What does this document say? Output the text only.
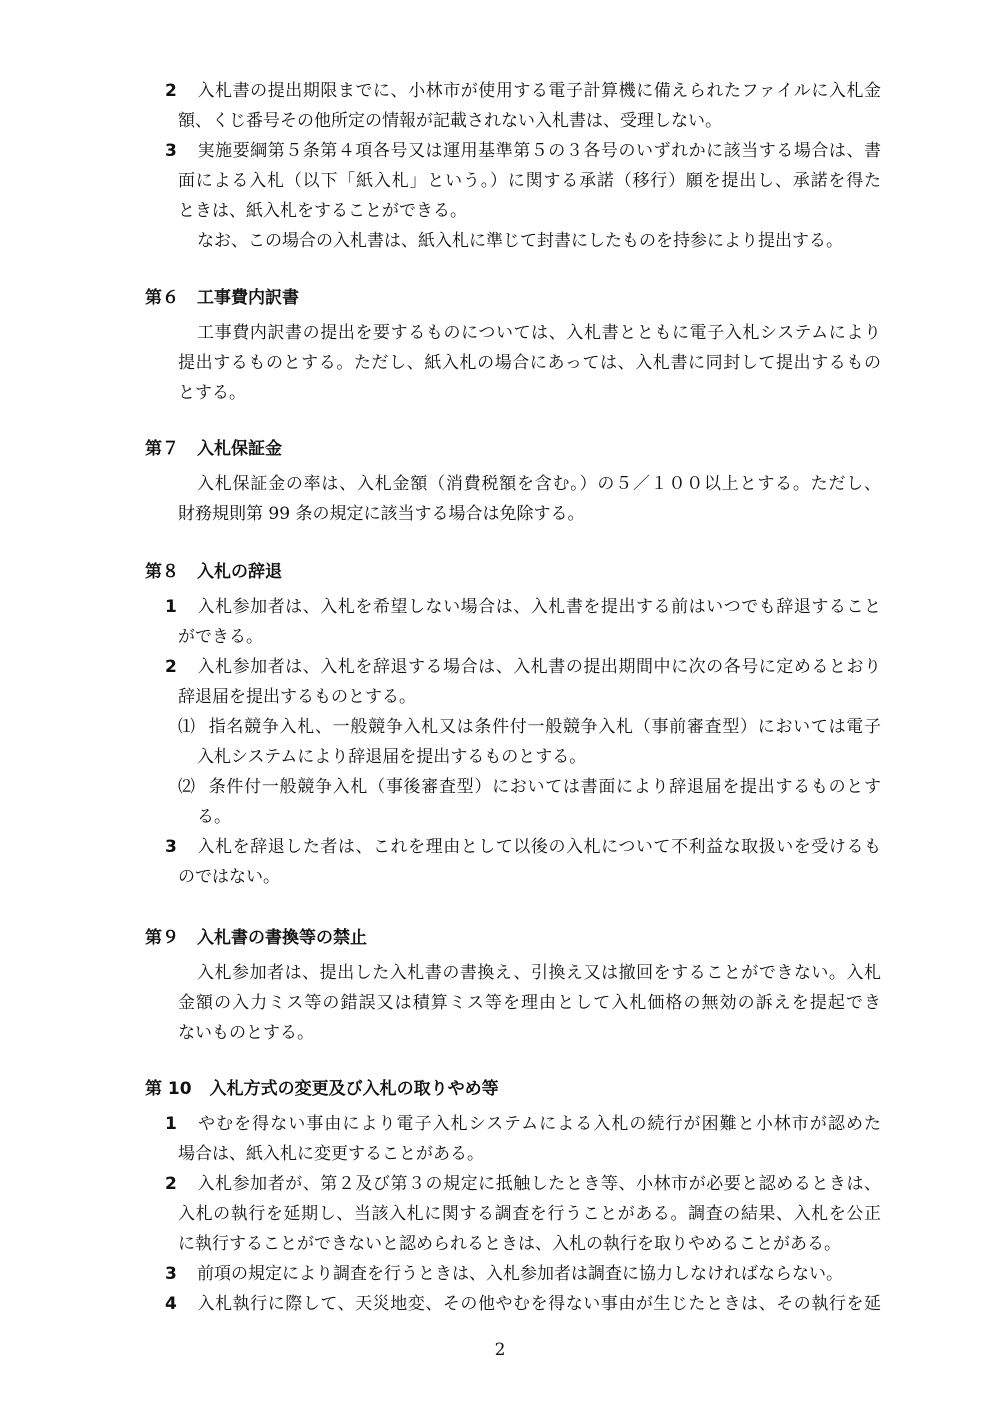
2 入札書の提出期限までに、小林市が使用する電子計算機に備えられたファイルに入札金
額、くじ番号その他所定の情報が記載されない入札書は、受理しない。
3 実施要綱第５条第４項各号又は運用基準第５の３各号のいずれかに該当する場合は、書
面による入札（以下「紙入札」という。）に関する承諾（移行）願を提出し、承諾を得た
ときは、紙入札をすることができる。
なお、この場合の入札書は、紙入札に準じて封書にしたものを持参により提出する。
第６ 工事費内訳書
工事費内訳書の提出を要するものについては、入札書とともに電子入札システムにより
提出するものとする。ただし、紙入札の場合にあっては、入札書に同封して提出するもの
とする。
第７ 入札保証金
入札保証金の率は、入札金額（消費税額を含む。）の５／１００以上とする。ただし、
財務規則第 99 条の規定に該当する場合は免除する。
第８ 入札の辞退
1 入札参加者は、入札を希望しない場合は、入札書を提出する前はいつでも辞退すること
ができる。
2 入札参加者は、入札を辞退する場合は、入札書の提出期間中に次の各号に定めるとおり
辞退届を提出するものとする。
⑴ 指名競争入札、一般競争入札又は条件付一般競争入札（事前審査型）においては電子
入札システムにより辞退届を提出するものとする。
⑵ 条件付一般競争入札（事後審査型）においては書面により辞退届を提出するものとす
る。
3 入札を辞退した者は、これを理由として以後の入札について不利益な取扱いを受けるも
のではない。
第９ 入札書の書換等の禁止
入札参加者は、提出した入札書の書換え、引換え又は撤回をすることができない。入札
金額の入力ミス等の錯誤又は積算ミス等を理由として入札価格の無効の訴えを提起でき
ないものとする。
第 10 入札方式の変更及び入札の取りやめ等
1 やむを得ない事由により電子入札システムによる入札の続行が困難と小林市が認めた
場合は、紙入札に変更することがある。
2 入札参加者が、第２及び第３の規定に抵触したとき等、小林市が必要と認めるときは、
入札の執行を延期し、当該入札に関する調査を行うことがある。調査の結果、入札を公正
に執行することができないと認められるときは、入札の執行を取りやめることがある。
3 前項の規定により調査を行うときは、入札参加者は調査に協力しなければならない。
4 入札執行に際して、天災地変、その他やむを得ない事由が生じたときは、その執行を延
2
